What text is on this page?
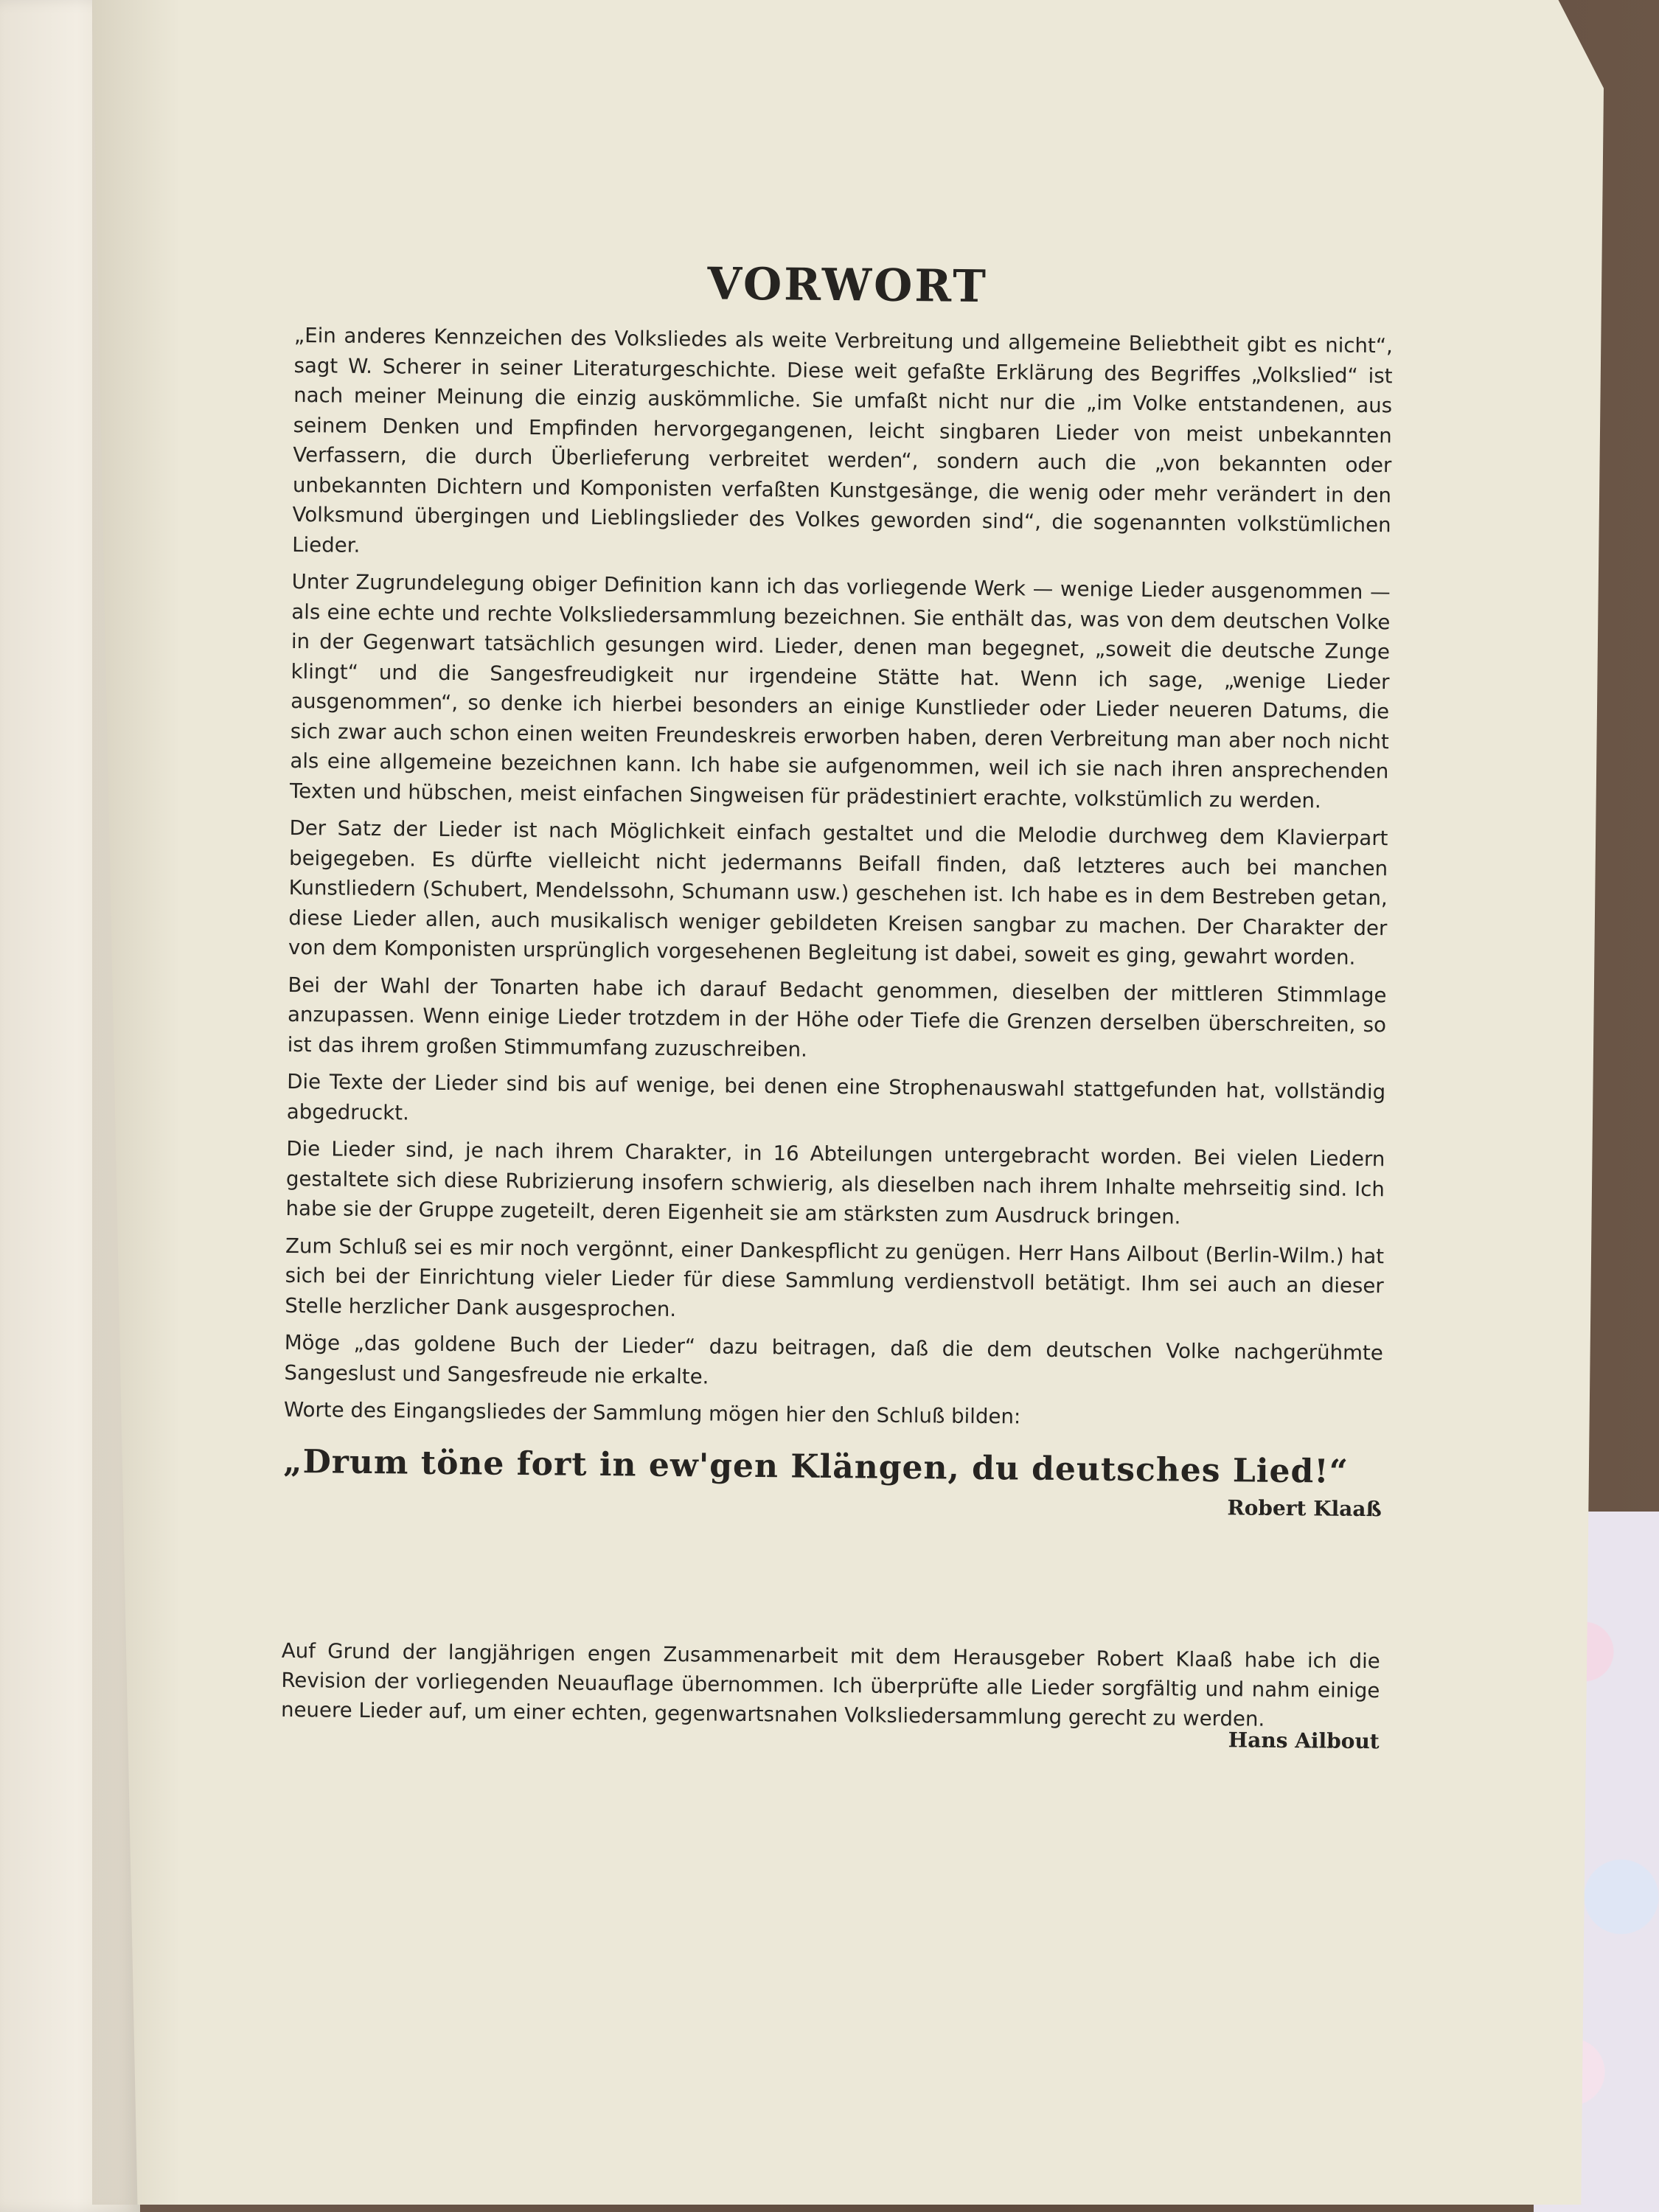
VORWORT

„Ein anderes Kennzeichen des Volksliedes als weite Verbreitung und allgemeine Beliebtheit gibt es nicht“, sagt W. Scherer in seiner Literaturgeschichte. Diese weit gefaßte Erklärung des Begriffes „Volkslied“ ist nach meiner Meinung die einzig auskömmliche. Sie umfaßt nicht nur die „im Volke entstandenen, aus seinem Denken und Empfinden hervorgegangenen, leicht singbaren Lieder von meist unbekannten Verfassern, die durch Überlieferung verbreitet werden“, sondern auch die „von bekannten oder unbekannten Dichtern und Komponisten verfaßten Kunstgesänge, die wenig oder mehr verändert in den Volksmund übergingen und Lieblingslieder des Volkes geworden sind“, die sogenannten volkstümlichen Lieder.

Unter Zugrundelegung obiger Definition kann ich das vorliegende Werk — wenige Lieder ausgenommen — als eine echte und rechte Volksliedersammlung bezeichnen. Sie enthält das, was von dem deutschen Volke in der Gegenwart tatsächlich gesungen wird. Lieder, denen man begegnet, „soweit die deutsche Zunge klingt“ und die Sangesfreudigkeit nur irgendeine Stätte hat. Wenn ich sage, „wenige Lieder ausgenommen“, so denke ich hierbei besonders an einige Kunstlieder oder Lieder neueren Datums, die sich zwar auch schon einen weiten Freundeskreis erworben haben, deren Verbreitung man aber noch nicht als eine allgemeine bezeichnen kann. Ich habe sie aufgenommen, weil ich sie nach ihren ansprechenden Texten und hübschen, meist einfachen Singweisen für prädestiniert erachte, volkstümlich zu werden.

Der Satz der Lieder ist nach Möglichkeit einfach gestaltet und die Melodie durchweg dem Klavierpart beigegeben. Es dürfte vielleicht nicht jedermanns Beifall finden, daß letzteres auch bei manchen Kunstliedern (Schubert, Mendelssohn, Schumann usw.) geschehen ist. Ich habe es in dem Bestreben getan, diese Lieder allen, auch musikalisch weniger gebildeten Kreisen sangbar zu machen. Der Charakter der von dem Komponisten ursprünglich vorgesehenen Begleitung ist dabei, soweit es ging, gewahrt worden.

Bei der Wahl der Tonarten habe ich darauf Bedacht genommen, dieselben der mittleren Stimmlage anzupassen. Wenn einige Lieder trotzdem in der Höhe oder Tiefe die Grenzen derselben überschreiten, so ist das ihrem großen Stimmumfang zuzuschreiben.

Die Texte der Lieder sind bis auf wenige, bei denen eine Strophenauswahl stattgefunden hat, vollständig abgedruckt.

Die Lieder sind, je nach ihrem Charakter, in 16 Abteilungen untergebracht worden. Bei vielen Liedern gestaltete sich diese Rubrizierung insofern schwierig, als dieselben nach ihrem Inhalte mehrseitig sind. Ich habe sie der Gruppe zugeteilt, deren Eigenheit sie am stärksten zum Ausdruck bringen.

Zum Schluß sei es mir noch vergönnt, einer Dankespflicht zu genügen. Herr Hans Ailbout (Berlin-Wilm.) hat sich bei der Einrichtung vieler Lieder für diese Sammlung verdienstvoll betätigt. Ihm sei auch an dieser Stelle herzlicher Dank ausgesprochen.

Möge „das goldene Buch der Lieder“ dazu beitragen, daß die dem deutschen Volke nachgerühmte Sangeslust und Sangesfreude nie erkalte.

Worte des Eingangsliedes der Sammlung mögen hier den Schluß bilden:

„Drum töne fort in ew'gen Klängen, du deutsches Lied!“

Robert Klaaß

Auf Grund der langjährigen engen Zusammenarbeit mit dem Herausgeber Robert Klaaß habe ich die Revision der vorliegenden Neuauflage übernommen. Ich überprüfte alle Lieder sorgfältig und nahm einige neuere Lieder auf, um einer echten, gegenwartsnahen Volksliedersammlung gerecht zu werden.

Hans Ailbout
